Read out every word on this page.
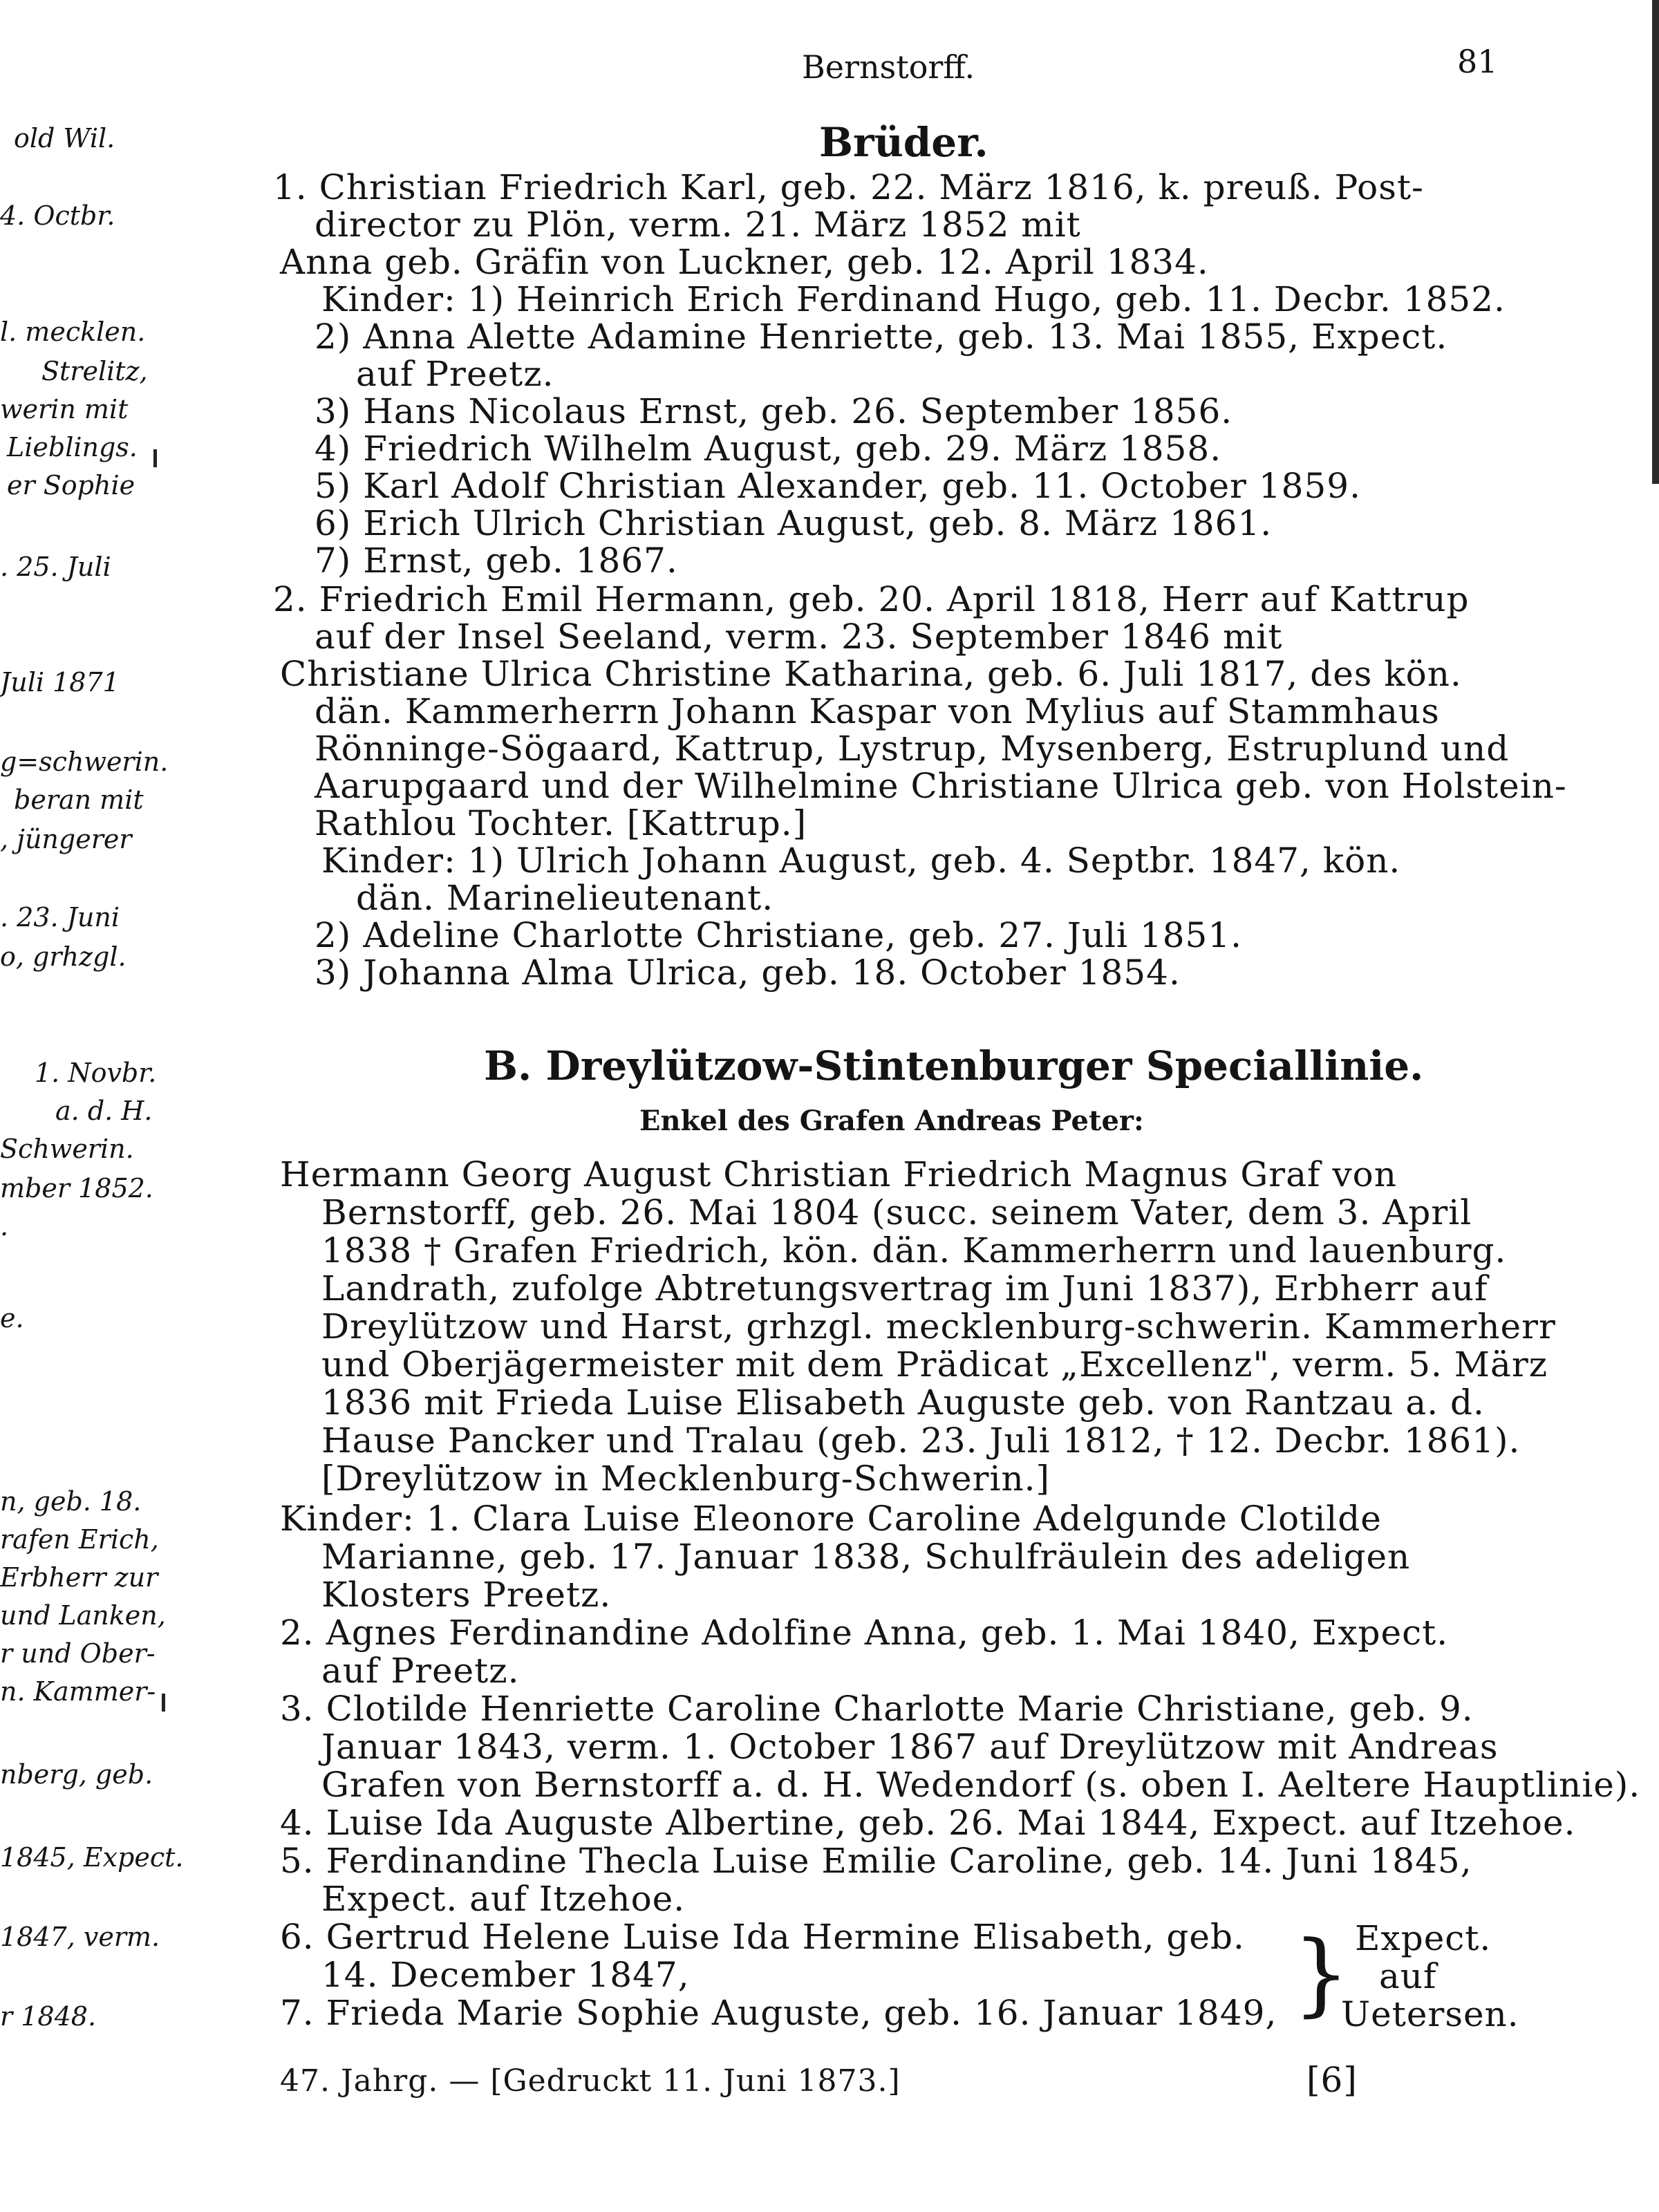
Bernstorff.	81
old Wil.
4. Octbr.
l. mecklen.
Strelitz,
werin mit
Lieblings.
er Sophie
. 25. Juli
Juli 1871
g=schwerin.
beran mit
, jüngerer
. 23. Juni
o, grhzgl.
1. Novbr.
a. d. H.
Schwerin.
mber 1852.
.
e.
n, geb. 18.
rafen Erich,
Erbherr zur
und Lanken,
r und Ober-
n. Kammer-
nberg, geb.
1845, Expect.
1847, verm.
r 1848.
Brüder.
1. Christian Friedrich Karl, geb. 22. März 1816, k. preuß. Post-
director zu Plön, verm. 21. März 1852 mit
Anna geb. Gräfin von Luckner, geb. 12. April 1834.
Kinder: 1) Heinrich Erich Ferdinand Hugo, geb. 11. Decbr. 1852.
2) Anna Alette Adamine Henriette, geb. 13. Mai 1855, Expect.
auf Preetz.
3) Hans Nicolaus Ernst, geb. 26. September 1856.
4) Friedrich Wilhelm August, geb. 29. März 1858.
5) Karl Adolf Christian Alexander, geb. 11. October 1859.
6) Erich Ulrich Christian August, geb. 8. März 1861.
7) Ernst, geb. 1867.
2. Friedrich Emil Hermann, geb. 20. April 1818, Herr auf Kattrup
auf der Insel Seeland, verm. 23. September 1846 mit
Christiane Ulrica Christine Katharina, geb. 6. Juli 1817, des kön.
dän. Kammerherrn Johann Kaspar von Mylius auf Stammhaus
Rönninge-Sögaard, Kattrup, Lystrup, Mysenberg, Estruplund und
Aarupgaard und der Wilhelmine Christiane Ulrica geb. von Holstein-
Rathlou Tochter. [Kattrup.]
Kinder: 1) Ulrich Johann August, geb. 4. Septbr. 1847, kön.
dän. Marinelieutenant.
2) Adeline Charlotte Christiane, geb. 27. Juli 1851.
3) Johanna Alma Ulrica, geb. 18. October 1854.
B. Dreylützow-Stintenburger Speciallinie.
Enkel des Grafen Andreas Peter:
Hermann Georg August Christian Friedrich Magnus Graf von
Bernstorff, geb. 26. Mai 1804 (succ. seinem Vater, dem 3. April
1838 † Grafen Friedrich, kön. dän. Kammerherrn und lauenburg.
Landrath, zufolge Abtretungsvertrag im Juni 1837), Erbherr auf
Dreylützow und Harst, grhzgl. mecklenburg-schwerin. Kammerherr
und Oberjägermeister mit dem Prädicat „Excellenz", verm. 5. März
1836 mit Frieda Luise Elisabeth Auguste geb. von Rantzau a. d.
Hause Pancker und Tralau (geb. 23. Juli 1812, † 12. Decbr. 1861).
[Dreylützow in Mecklenburg-Schwerin.]
Kinder: 1. Clara Luise Eleonore Caroline Adelgunde Clotilde
Marianne, geb. 17. Januar 1838, Schulfräulein des adeligen
Klosters Preetz.
2. Agnes Ferdinandine Adolfine Anna, geb. 1. Mai 1840, Expect.
auf Preetz.
3. Clotilde Henriette Caroline Charlotte Marie Christiane, geb. 9.
Januar 1843, verm. 1. October 1867 auf Dreylützow mit Andreas
Grafen von Bernstorff a. d. H. Wedendorf (s. oben I. Aeltere Hauptlinie).
4. Luise Ida Auguste Albertine, geb. 26. Mai 1844, Expect. auf Itzehoe.
5. Ferdinandine Thecla Luise Emilie Caroline, geb. 14. Juni 1845,
Expect. auf Itzehoe.
6. Gertrud Helene Luise Ida Hermine Elisabeth, geb.
14. December 1847,
7. Frieda Marie Sophie Auguste, geb. 16. Januar 1849, } Expect.
auf
Uetersen.
47. Jahrg. — [Gedruckt 11. Juni 1873.]	[6]
